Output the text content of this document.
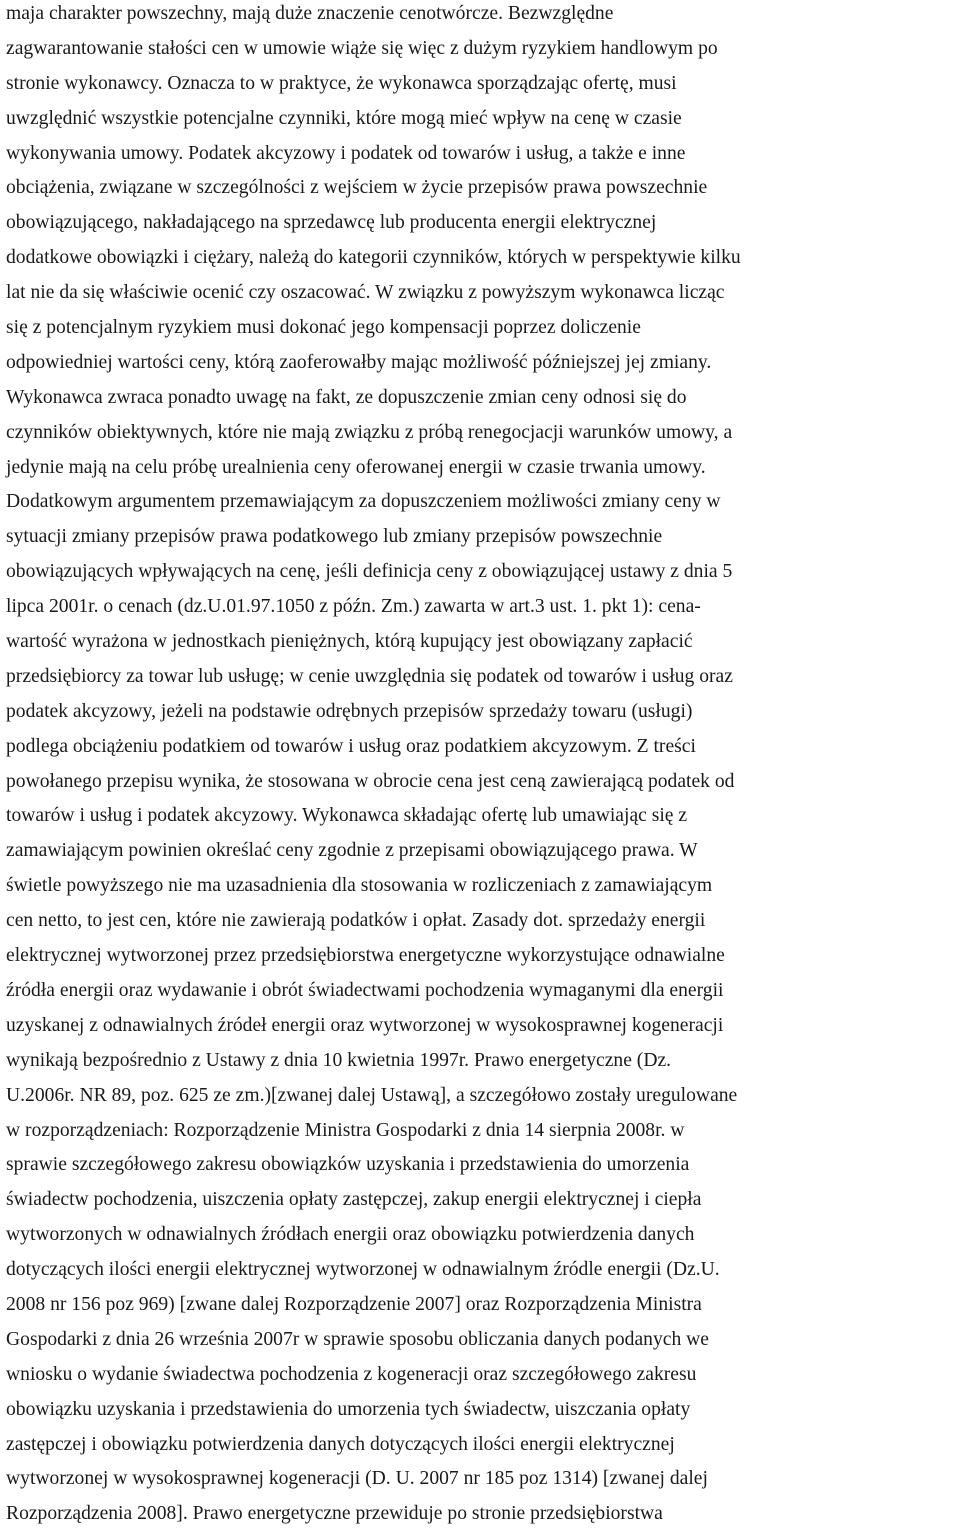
maja charakter powszechny, mają duże znaczenie cenotwórcze. Bezwzględne
zagwarantowanie stałości cen w umowie wiąże się więc z dużym ryzykiem handlowym po
stronie wykonawcy. Oznacza to w praktyce, że wykonawca sporządzając ofertę, musi
uwzględnić wszystkie potencjalne czynniki, które mogą mieć wpływ na cenę w czasie
wykonywania umowy. Podatek akcyzowy i podatek od towarów i usług, a także e inne
obciążenia, związane w szczególności z wejściem w życie przepisów prawa powszechnie
obowiązującego, nakładającego na sprzedawcę lub producenta energii elektrycznej
dodatkowe obowiązki i ciężary, należą do kategorii czynników, których w perspektywie kilku
lat nie da się właściwie ocenić czy oszacować. W związku z powyższym wykonawca licząc
się z potencjalnym ryzykiem musi dokonać jego kompensacji poprzez doliczenie
odpowiedniej wartości ceny, którą zaoferowałby mając możliwość późniejszej jej zmiany.
Wykonawca zwraca ponadto uwagę na fakt, ze dopuszczenie zmian ceny odnosi się do
czynników obiektywnych, które nie mają związku z próbą renegocjacji warunków umowy, a
jedynie mają na celu próbę urealnienia ceny oferowanej energii w czasie trwania umowy.
Dodatkowym argumentem przemawiającym za dopuszczeniem możliwości zmiany ceny w
sytuacji zmiany przepisów prawa podatkowego lub zmiany przepisów powszechnie
obowiązujących wpływających na cenę, jeśli definicja ceny z obowiązującej ustawy z dnia 5
lipca 2001r. o cenach (dz.U.01.97.1050 z późn. Zm.) zawarta w art.3 ust. 1. pkt 1): cena-
wartość wyrażona w jednostkach pieniężnych, którą kupujący jest obowiązany zapłacić
przedsiębiorcy za towar lub usługę; w cenie uwzględnia się podatek od towarów i usług oraz
podatek akcyzowy, jeżeli na podstawie odrębnych przepisów sprzedaży towaru (usługi)
podlega obciążeniu podatkiem od towarów i usług oraz podatkiem akcyzowym. Z treści
powołanego przepisu wynika, że stosowana w obrocie cena jest ceną zawierającą podatek od
towarów i usług i podatek akcyzowy. Wykonawca składając ofertę lub umawiając się z
zamawiającym powinien określać ceny zgodnie z przepisami obowiązującego prawa. W
świetle powyższego nie ma uzasadnienia dla stosowania w rozliczeniach z zamawiającym
cen netto, to jest cen, które nie zawierają podatków i opłat. Zasady dot. sprzedaży energii
elektrycznej wytworzonej przez przedsiębiorstwa energetyczne wykorzystujące odnawialne
źródła energii oraz wydawanie i obrót świadectwami pochodzenia wymaganymi dla energii
uzyskanej z odnawialnych źródeł energii oraz wytworzonej w wysokosprawnej kogeneracji
wynikają bezpośrednio z Ustawy z dnia 10 kwietnia 1997r. Prawo energetyczne (Dz.
U.2006r. NR 89, poz. 625 ze zm.)[zwanej dalej Ustawą], a szczegółowo zostały uregulowane
w rozporządzeniach: Rozporządzenie Ministra Gospodarki z dnia 14 sierpnia 2008r. w
sprawie szczegółowego zakresu obowiązków uzyskania i przedstawienia do umorzenia
świadectw pochodzenia, uiszczenia opłaty zastępczej, zakup energii elektrycznej i ciepła
wytworzonych w odnawialnych źródłach energii oraz obowiązku potwierdzenia danych
dotyczących ilości energii elektrycznej wytworzonej w odnawialnym źródle energii (Dz.U.
2008 nr 156 poz 969) [zwane dalej Rozporządzenie 2007] oraz Rozporządzenia Ministra
Gospodarki z dnia 26 września 2007r w sprawie sposobu obliczania danych podanych we
wniosku o wydanie świadectwa pochodzenia z kogeneracji oraz szczegółowego zakresu
obowiązku uzyskania i przedstawienia do umorzenia tych świadectw, uiszczania opłaty
zastępczej i obowiązku potwierdzenia danych dotyczących ilości energii elektrycznej
wytworzonej w wysokosprawnej kogeneracji (D. U. 2007 nr 185 poz 1314) [zwanej dalej
Rozporządzenia 2008]. Prawo energetyczne przewiduje po stronie przedsiębiorstwa
